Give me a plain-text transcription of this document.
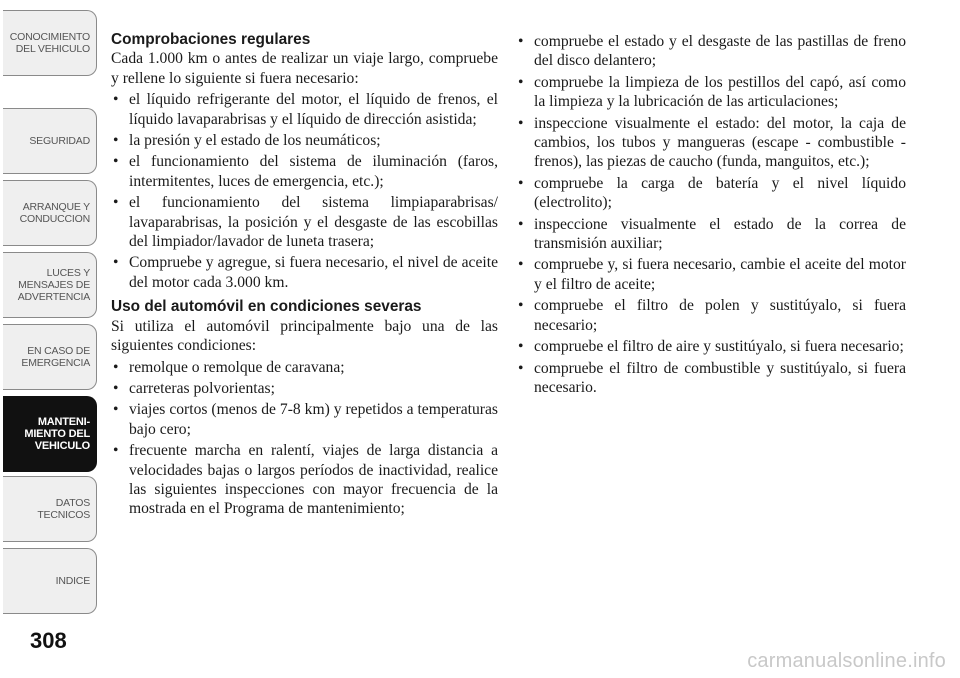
CONOCIMIENTO
DEL VEHICULO
SEGURIDAD
ARRANQUE Y
CONDUCCION
LUCES Y
MENSAJES DE
ADVERTENCIA
EN CASO DE
EMERGENCIA
MANTENI-
MIENTO DEL
VEHICULO
DATOS
TECNICOS
INDICE
308
Comprobaciones regulares
Cada 1.000 km o antes de realizar un viaje largo, compruebe y rellene lo siguiente si fuera necesario:
• el líquido refrigerante del motor, el líquido de frenos, el líquido lavaparabrisas y el líquido de dirección asistida;
• la presión y el estado de los neumáticos;
• el funcionamiento del sistema de iluminación (faros, intermitentes, luces de emergencia, etc.);
• el funcionamiento del sistema limpiaparabrisas/ lavaparabrisas, la posición y el desgaste de las escobillas del limpiador/lavador de luneta trasera;
• Compruebe y agregue, si fuera necesario, el nivel de aceite del motor cada 3.000 km.
Uso del automóvil en condiciones severas
Si utiliza el automóvil principalmente bajo una de las siguientes condiciones:
• remolque o remolque de caravana;
• carreteras polvorientas;
• viajes cortos (menos de 7-8 km) y repetidos a temperaturas bajo cero;
• frecuente marcha en ralentí, viajes de larga distancia a velocidades bajas o largos períodos de inactividad, realice las siguientes inspecciones con mayor frecuencia de la mostrada en el Programa de mantenimiento;
• compruebe el estado y el desgaste de las pastillas de freno del disco delantero;
• compruebe la limpieza de los pestillos del capó, así como la limpieza y la lubricación de las articulaciones;
• inspeccione visualmente el estado: del motor, la caja de cambios, los tubos y mangueras (escape - combustible - frenos), las piezas de caucho (funda, manguitos, etc.);
• compruebe la carga de batería y el nivel líquido (electrolito);
• inspeccione visualmente el estado de la correa de transmisión auxiliar;
• compruebe y, si fuera necesario, cambie el aceite del motor y el filtro de aceite;
• compruebe el filtro de polen y sustitúyalo, si fuera necesario;
• compruebe el filtro de aire y sustitúyalo, si fuera necesario;
• compruebe el filtro de combustible y sustitúyalo, si fuera necesario.
carmanualsonline.info
